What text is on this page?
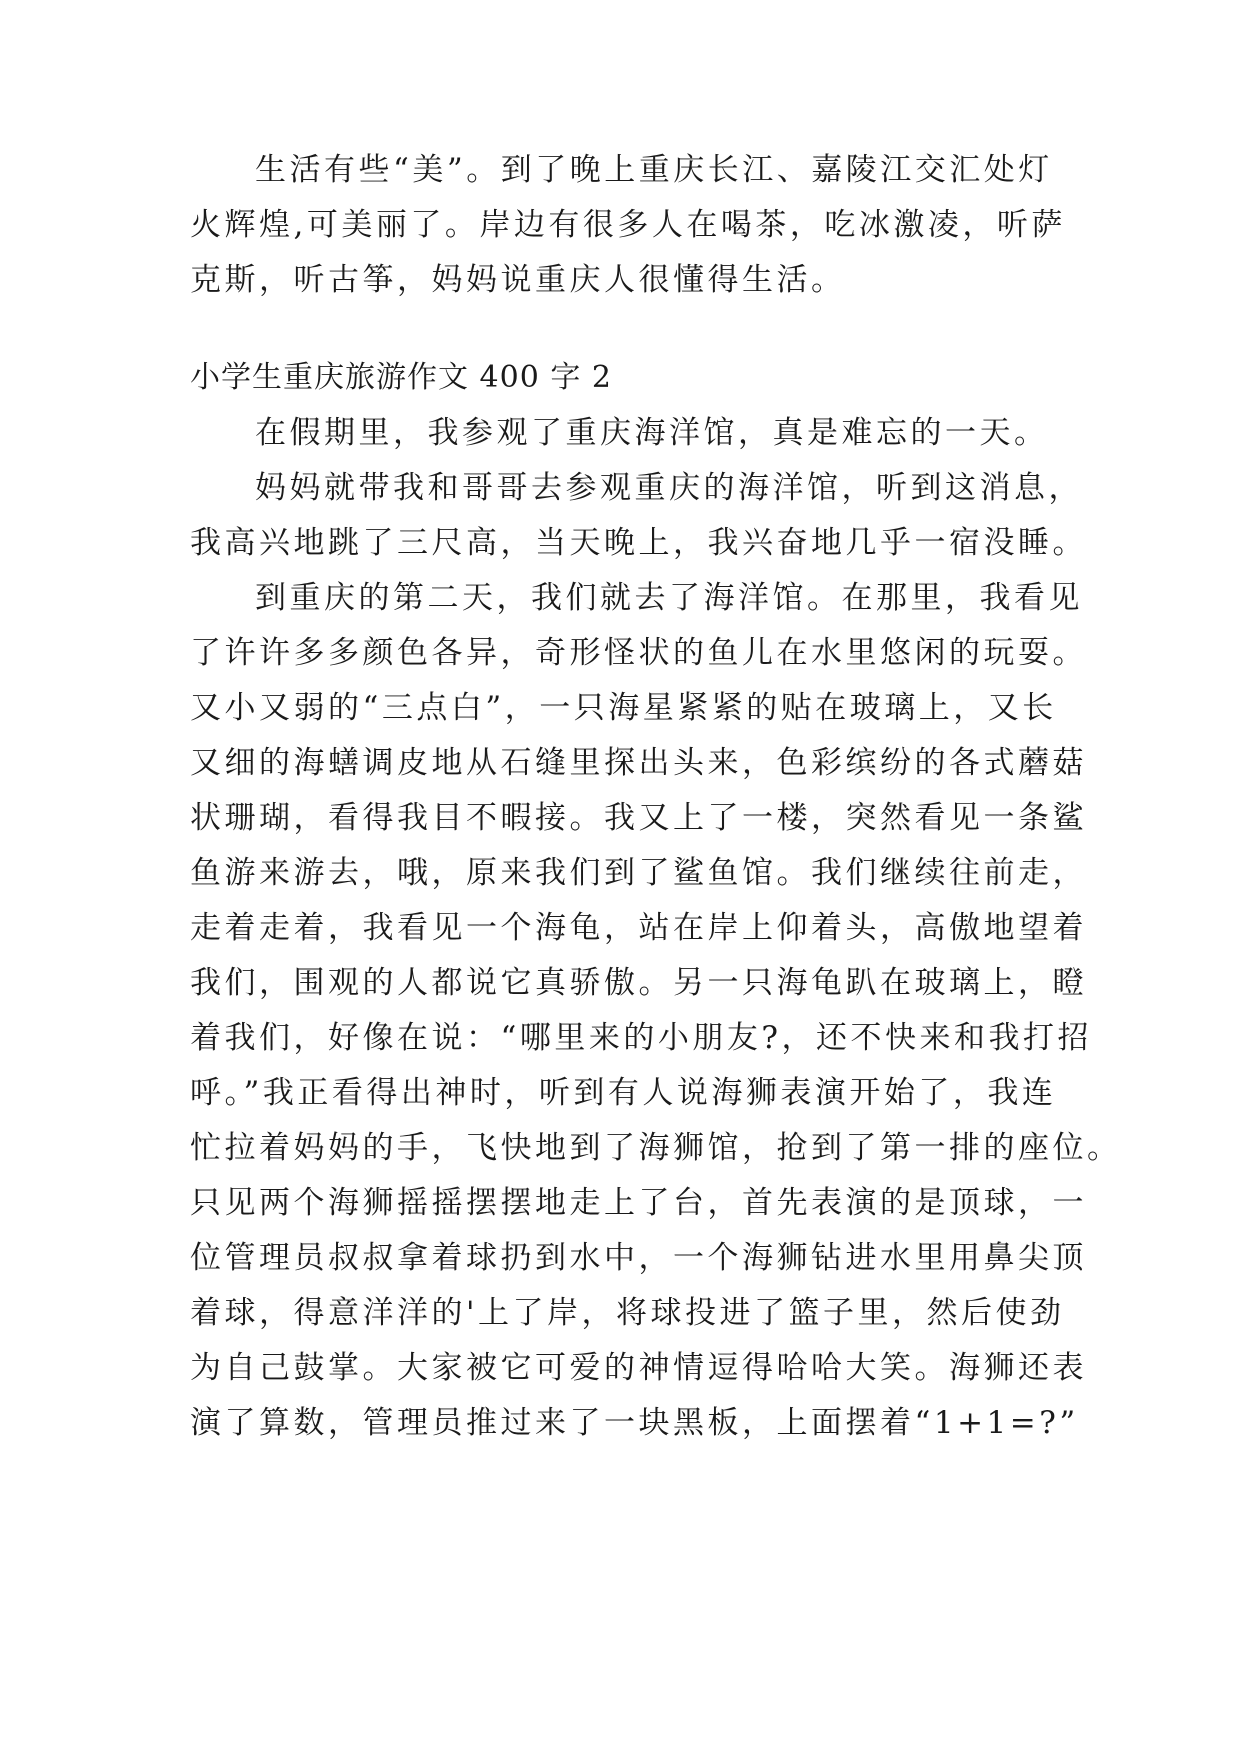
生活有些“美”。到了晚上重庆长江、嘉陵江交汇处灯
火辉煌,可美丽了。岸边有很多人在喝茶，吃冰激凌，听萨
克斯，听古筝，妈妈说重庆人很懂得生活。
小学生重庆旅游作文 400 字 2
在假期里，我参观了重庆海洋馆，真是难忘的一天。
妈妈就带我和哥哥去参观重庆的海洋馆，听到这消息，
我高兴地跳了三尺高，当天晚上，我兴奋地几乎一宿没睡。
到重庆的第二天，我们就去了海洋馆。在那里，我看见
了许许多多颜色各异，奇形怪状的鱼儿在水里悠闲的玩耍。
又小又弱的“三点白”，一只海星紧紧的贴在玻璃上，又长
又细的海蟮调皮地从石缝里探出头来，色彩缤纷的各式蘑菇
状珊瑚，看得我目不暇接。我又上了一楼，突然看见一条鲨
鱼游来游去，哦，原来我们到了鲨鱼馆。我们继续往前走，
走着走着，我看见一个海龟，站在岸上仰着头，高傲地望着
我们，围观的人都说它真骄傲。另一只海龟趴在玻璃上，瞪
着我们，好像在说：“哪里来的小朋友?，还不快来和我打招
呼。”我正看得出神时，听到有人说海狮表演开始了，我连
忙拉着妈妈的手，飞快地到了海狮馆，抢到了第一排的座位。
只见两个海狮摇摇摆摆地走上了台，首先表演的是顶球，一
位管理员叔叔拿着球扔到水中，一个海狮钻进水里用鼻尖顶
着球，得意洋洋的'上了岸，将球投进了篮子里，然后使劲
为自己鼓掌。大家被它可爱的神情逗得哈哈大笑。海狮还表
演了算数，管理员推过来了一块黑板，上面摆着“1+1=?”
